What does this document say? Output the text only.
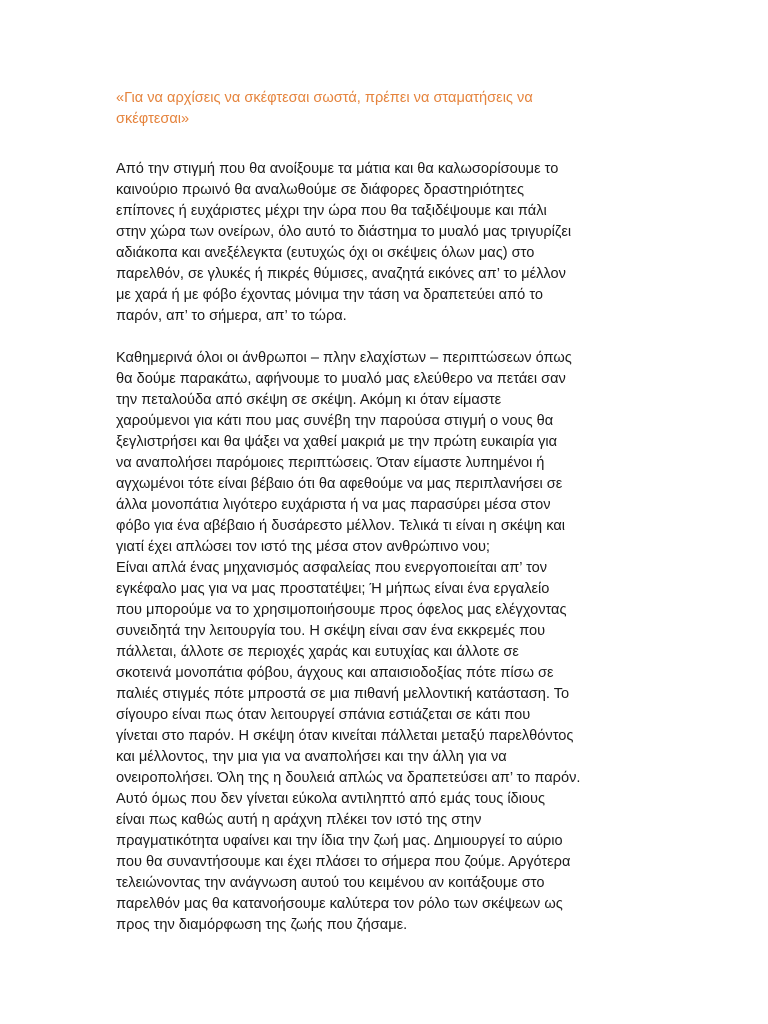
«Για να αρχίσεις να σκέφτεσαι σωστά, πρέπει να σταματήσεις να
σκέφτεσαι»
Από την στιγμή που θα ανοίξουμε τα μάτια και θα καλωσορίσουμε το
καινούριο πρωινό θα αναλωθούμε σε διάφορες δραστηριότητες
επίπονες ή ευχάριστες μέχρι την ώρα που θα ταξιδέψουμε και πάλι
στην χώρα των ονείρων, όλο αυτό το διάστημα το μυαλό μας τριγυρίζει
αδιάκοπα και ανεξέλεγκτα (ευτυχώς όχι οι σκέψεις όλων μας) στο
παρελθόν, σε γλυκές ή πικρές θύμισες, αναζητά εικόνες απ’ το μέλλον
με χαρά ή με φόβο έχοντας μόνιμα την τάση να δραπετεύει από το
παρόν, απ’ το σήμερα, απ’ το τώρα.
Καθημερινά όλοι οι άνθρωποι – πλην ελαχίστων – περιπτώσεων όπως
θα δούμε παρακάτω, αφήνουμε το μυαλό μας ελεύθερο να πετάει σαν
την πεταλούδα από σκέψη σε σκέψη. Ακόμη κι όταν είμαστε
χαρούμενοι για κάτι που μας συνέβη την παρούσα στιγμή ο νους θα
ξεγλιστρήσει και θα ψάξει να χαθεί μακριά με την πρώτη ευκαιρία για
να αναπολήσει παρόμοιες περιπτώσεις. Όταν είμαστε λυπημένοι ή
αγχωμένοι τότε είναι βέβαιο ότι θα αφεθούμε να μας περιπλανήσει σε
άλλα μονοπάτια λιγότερο ευχάριστα ή να μας παρασύρει μέσα στον
φόβο για ένα αβέβαιο ή δυσάρεστο μέλλον. Τελικά τι είναι η σκέψη και
γιατί έχει απλώσει τον ιστό της μέσα στον ανθρώπινο νου;
Είναι απλά ένας μηχανισμός ασφαλείας που ενεργοποιείται απ’ τον
εγκέφαλο μας για να μας προστατέψει; Ή μήπως είναι ένα εργαλείο
που μπορούμε να το χρησιμοποιήσουμε προς όφελος μας ελέγχοντας
συνειδητά την λειτουργία του. Η σκέψη είναι σαν ένα εκκρεμές που
πάλλεται, άλλοτε σε περιοχές χαράς και ευτυχίας και άλλοτε σε
σκοτεινά μονοπάτια φόβου, άγχους και απαισιοδοξίας πότε πίσω σε
παλιές στιγμές πότε μπροστά σε μια πιθανή μελλοντική κατάσταση. Το
σίγουρο είναι πως όταν λειτουργεί σπάνια εστιάζεται σε κάτι που
γίνεται στο παρόν. Η σκέψη όταν κινείται πάλλεται μεταξύ παρελθόντος
και μέλλοντος, την μια για να αναπολήσει και την άλλη για να
ονειροπολήσει. Όλη της η δουλειά απλώς να δραπετεύσει απ’ το παρόν.
Αυτό όμως που δεν γίνεται εύκολα αντιληπτό από εμάς τους ίδιους
είναι πως καθώς αυτή η αράχνη πλέκει τον ιστό της στην
πραγματικότητα υφαίνει και την ίδια την ζωή μας. Δημιουργεί το αύριο
που θα συναντήσουμε και έχει πλάσει το σήμερα που ζούμε. Αργότερα
τελειώνοντας την ανάγνωση αυτού του κειμένου αν κοιτάξουμε στο
παρελθόν μας θα κατανοήσουμε καλύτερα τον ρόλο των σκέψεων ως
προς την διαμόρφωση της ζωής που ζήσαμε.
